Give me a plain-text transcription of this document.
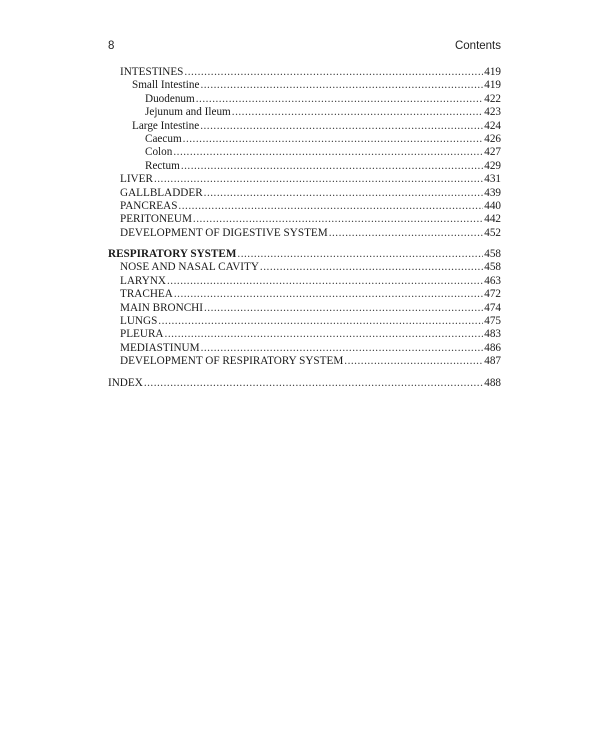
8	Contents
INTESTINES .....	419
Small Intestine .....	419
Duodenum .....	422
Jejunum and Ileum .....	423
Large Intestine .....	424
Caecum .....	426
Colon .....	427
Rectum .....	429
LIVER .....	431
GALLBLADDER .....	439
PANCREAS .....	440
PERITONEUM .....	442
DEVELOPMENT OF DIGESTIVE SYSTEM .....	452
RESPIRATORY SYSTEM .....	458
NOSE AND NASAL CAVITY .....	458
LARYNX .....	463
TRACHEA .....	472
MAIN BRONCHI .....	474
LUNGS .....	475
PLEURA .....	483
MEDIASTINUM .....	486
DEVELOPMENT OF RESPIRATORY SYSTEM .....	487
INDEX .....	488
